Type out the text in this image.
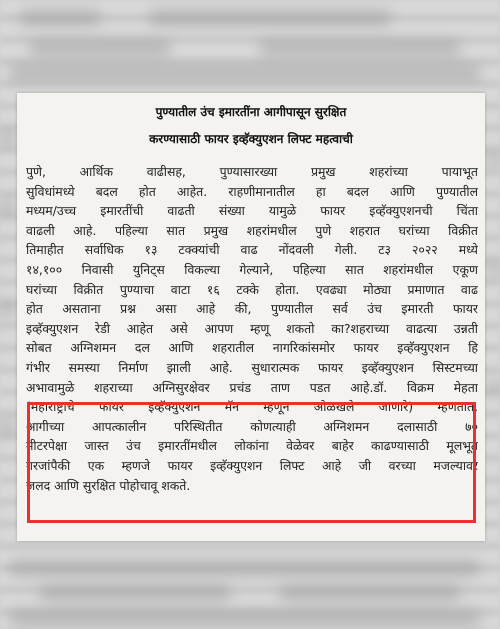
पुण्यातील उंच इमारतींना आगीपासून सुरक्षित
करण्यासाठी फायर इव्हॅक्युएशन लिफ्ट महत्वाची
पुणे, आर्थिक वाढीसह, पुण्यासारख्या प्रमुख शहरांच्या पायाभूत
सुविधांमध्ये बदल होत आहेत. राहणीमानातील हा बदल आणि पुण्यातील
मध्यम/उच्च इमारतींची वाढती संख्या यामुळे फायर इव्हॅक्युएशनची चिंता
वाढली आहे. पहिल्या सात प्रमुख शहरांमधील पुणे शहरात घरांच्या विक्रीत
तिमाहीत सर्वाधिक १३ टक्क्यांची वाढ नोंदवली गेली. ट३ २०२२ मध्ये
१४,१०० निवासी युनिट्स विकल्या गेल्याने, पहिल्या सात शहरांमधील एकूण
घरांच्या विक्रीत पुण्याचा वाटा १६ टक्के होता. एवढ्या मोठ्या प्रमाणात वाढ
होत असताना प्रश्न असा आहे की, पुण्यातील सर्व उंच इमारती फायर
इव्हॅक्युएशन रेडी आहेत असे आपण म्हणू शकतो का?शहराच्या वाढत्या उन्नती
सोबत अग्निशमन दल आणि शहरातील नागरिकांसमोर फायर इव्हॅक्युएशन हि
गंभीर समस्या निर्माण झाली आहे. सुधारात्मक फायर इव्हॅक्युएशन सिस्टमच्या
अभावामुळे शहराच्या अग्निसुरक्षेवर प्रचंड ताण पडत आहे.डॉ. विक्रम मेहता
(महाराष्ट्राचे फायर इव्हॅक्युएशन मॅन म्हणून ओळखले जाणारे) म्हणतात,
आगीच्या आपत्कालीन परिस्थितीत कोणत्याही अग्निशमन दलासाठी ७०
मीटरपेक्षा जास्त उंच इमारतींमधील लोकांना वेळेवर बाहेर काढण्यासाठी मूलभूत
गरजांपैकी एक म्हणजे फायर इव्हॅक्युएशन लिफ्ट आहे जी वरच्या मजल्यावर
जलद आणि सुरक्षित पोहोचावू शकते.
